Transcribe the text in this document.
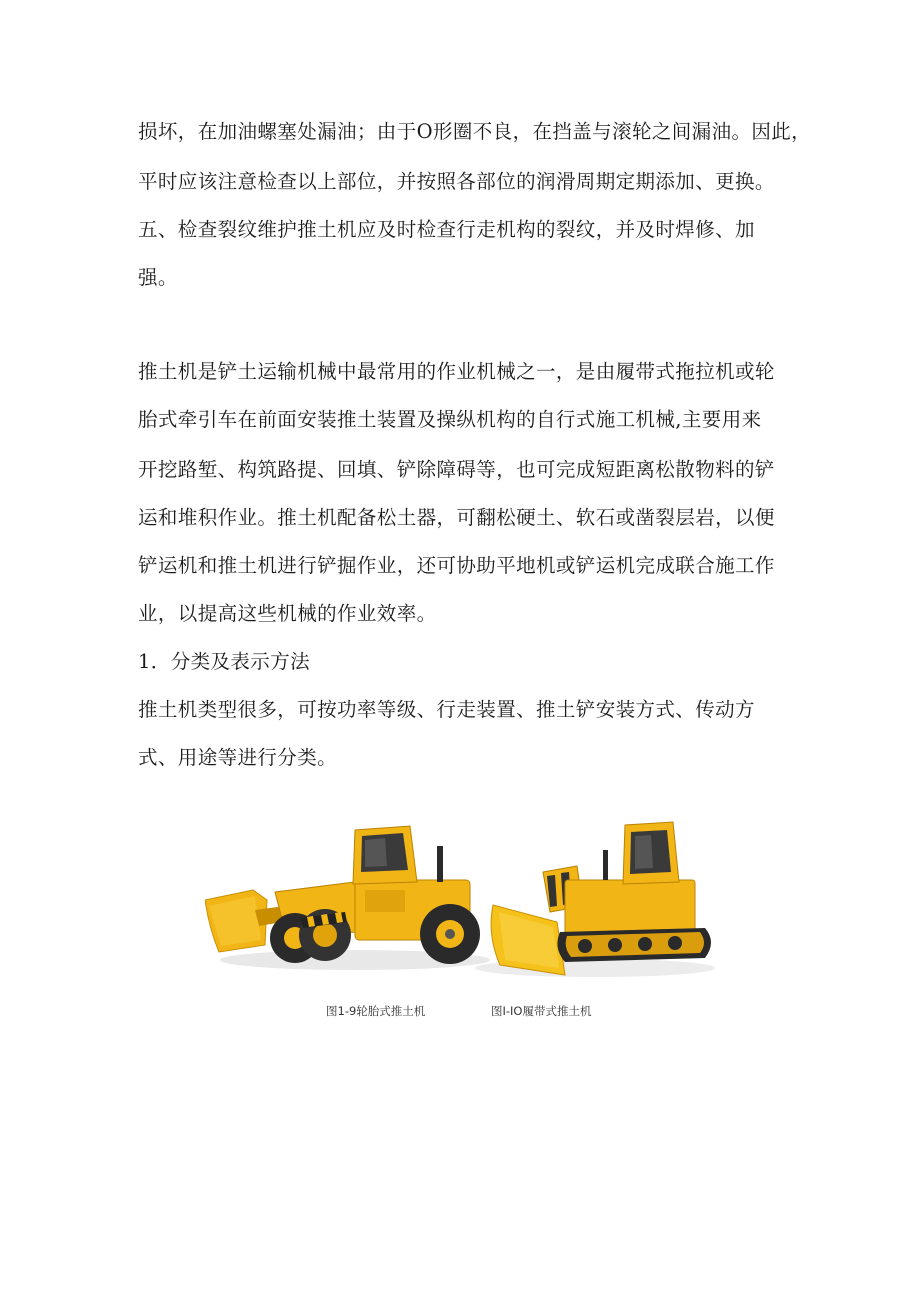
损坏，在加油螺塞处漏油；由于O形圈不良，在挡盖与滚轮之间漏油。因此，
平时应该注意检查以上部位，并按照各部位的润滑周期定期添加、更换。
五、检查裂纹维护推土机应及时检查行走机构的裂纹，并及时焊修、加
强。
推土机是铲土运输机械中最常用的作业机械之一，是由履带式拖拉机或轮
胎式牵引车在前面安装推土装置及操纵机构的自行式施工机械,主要用来
开挖路堑、构筑路提、回填、铲除障碍等，也可完成短距离松散物料的铲
运和堆积作业。推土机配备松土器，可翻松硬土、软石或凿裂层岩，以便
铲运机和推土机进行铲掘作业，还可协助平地机或铲运机完成联合施工作
业，以提高这些机械的作业效率。
1．分类及表示方法
推土机类型很多，可按功率等级、行走装置、推土铲安装方式、传动方
式、用途等进行分类。
图1-9轮胎式推土机	图I-IO履带式推土机
